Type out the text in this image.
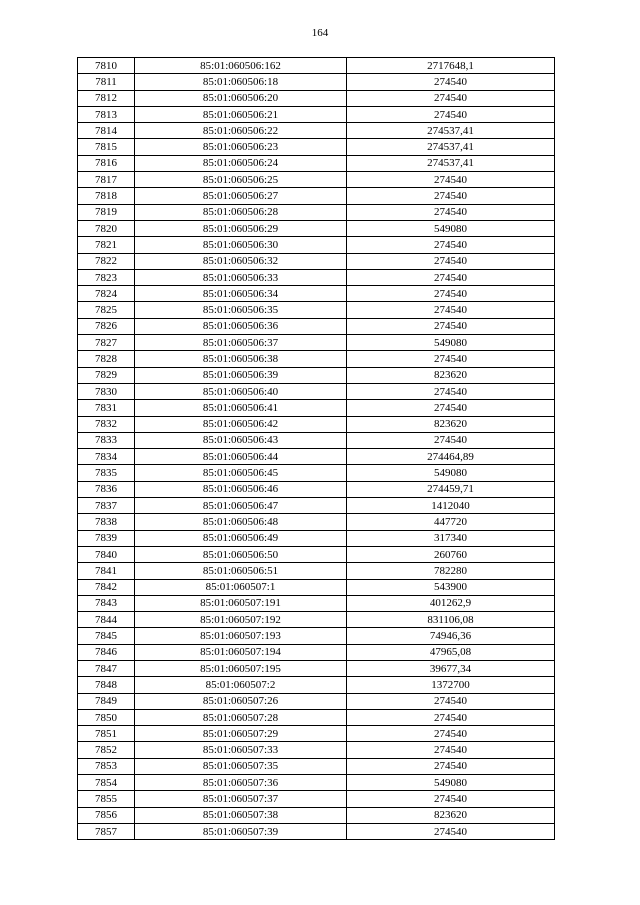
164
7810	85:01:060506:162	2717648,1
7811	85:01:060506:18	274540
7812	85:01:060506:20	274540
7813	85:01:060506:21	274540
7814	85:01:060506:22	274537,41
7815	85:01:060506:23	274537,41
7816	85:01:060506:24	274537,41
7817	85:01:060506:25	274540
7818	85:01:060506:27	274540
7819	85:01:060506:28	274540
7820	85:01:060506:29	549080
7821	85:01:060506:30	274540
7822	85:01:060506:32	274540
7823	85:01:060506:33	274540
7824	85:01:060506:34	274540
7825	85:01:060506:35	274540
7826	85:01:060506:36	274540
7827	85:01:060506:37	549080
7828	85:01:060506:38	274540
7829	85:01:060506:39	823620
7830	85:01:060506:40	274540
7831	85:01:060506:41	274540
7832	85:01:060506:42	823620
7833	85:01:060506:43	274540
7834	85:01:060506:44	274464,89
7835	85:01:060506:45	549080
7836	85:01:060506:46	274459,71
7837	85:01:060506:47	1412040
7838	85:01:060506:48	447720
7839	85:01:060506:49	317340
7840	85:01:060506:50	260760
7841	85:01:060506:51	782280
7842	85:01:060507:1	543900
7843	85:01:060507:191	401262,9
7844	85:01:060507:192	831106,08
7845	85:01:060507:193	74946,36
7846	85:01:060507:194	47965,08
7847	85:01:060507:195	39677,34
7848	85:01:060507:2	1372700
7849	85:01:060507:26	274540
7850	85:01:060507:28	274540
7851	85:01:060507:29	274540
7852	85:01:060507:33	274540
7853	85:01:060507:35	274540
7854	85:01:060507:36	549080
7855	85:01:060507:37	274540
7856	85:01:060507:38	823620
7857	85:01:060507:39	274540
